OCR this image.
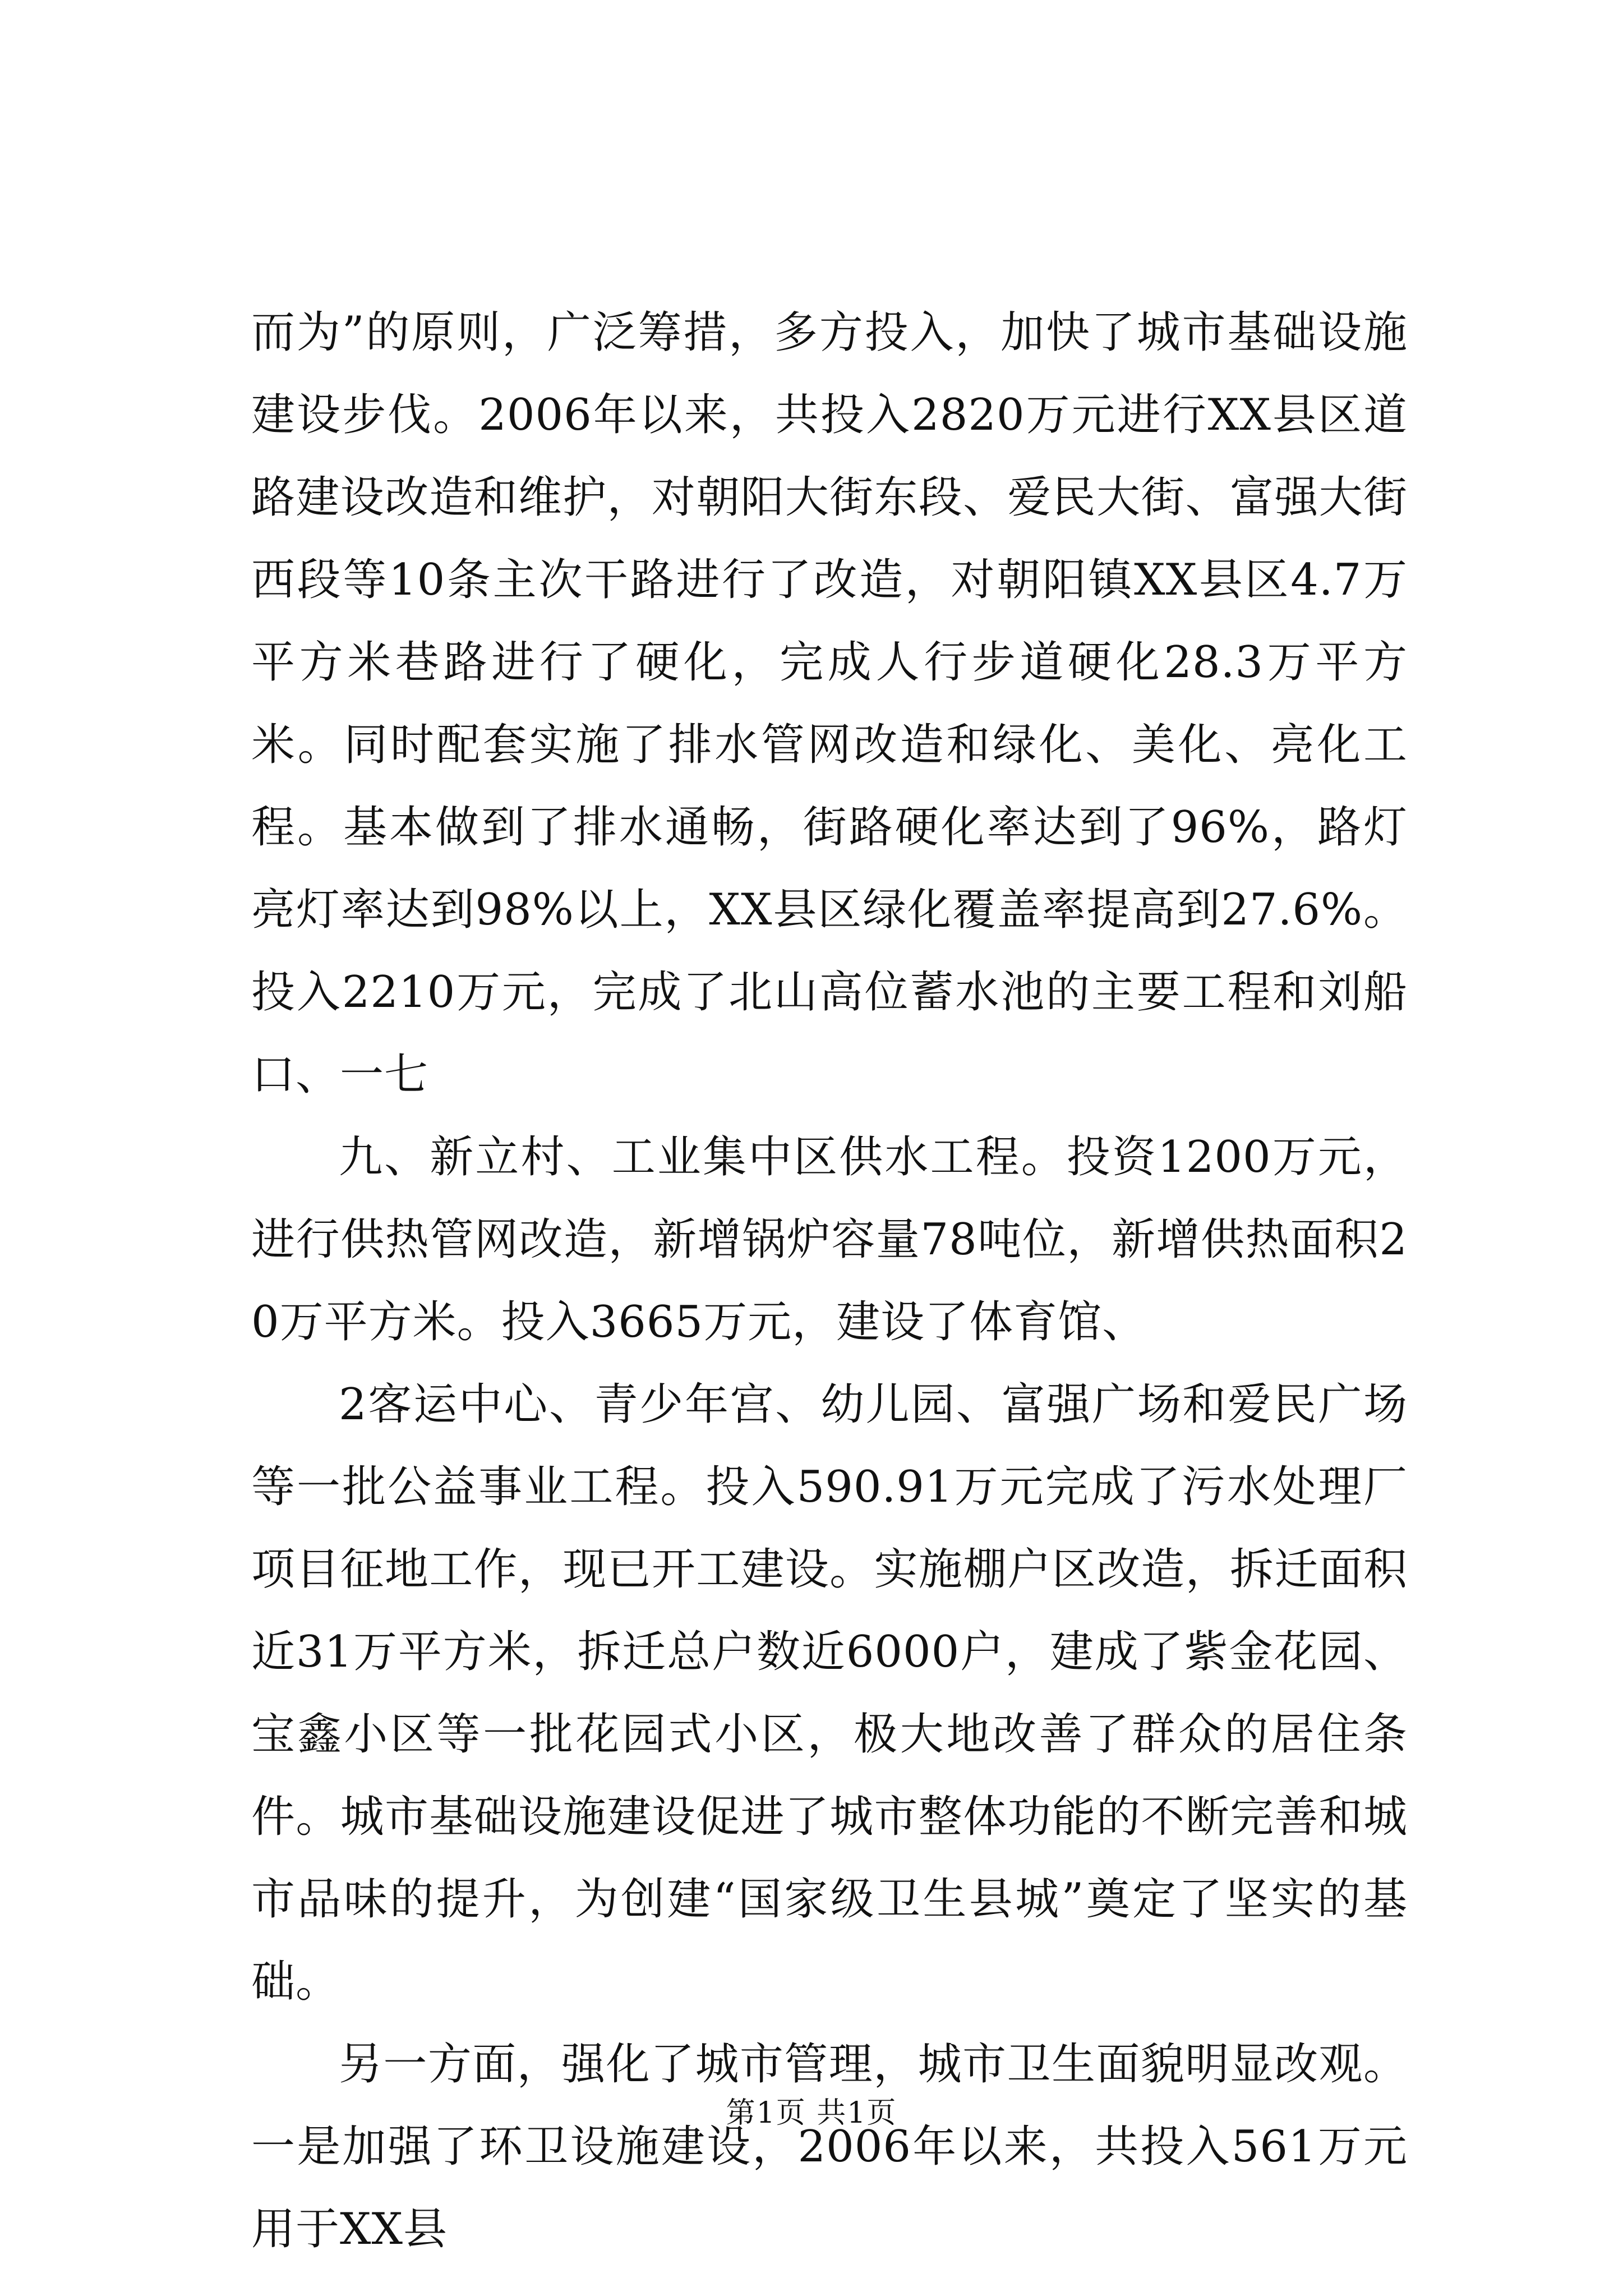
而为”的原则，广泛筹措，多方投入，加快了城市基础设施建设步伐。2006年以来，共投入2820万元进行XX县区道路建设改造和维护，对朝阳大街东段、爱民大街、富强大街西段等10条主次干路进行了改造，对朝阳镇XX县区4.7万平方米巷路进行了硬化，完成人行步道硬化28.3万平方米。同时配套实施了排水管网改造和绿化、美化、亮化工程。基本做到了排水通畅，街路硬化率达到了96%，路灯亮灯率达到98%以上，XX县区绿化覆盖率提高到27.6%。投入2210万元，完成了北山高位蓄水池的主要工程和刘船口、一七

九、新立村、工业集中区供水工程。投资1200万元，进行供热管网改造，新增锅炉容量78吨位，新增供热面积20万平方米。投入3665万元，建设了体育馆、

2客运中心、青少年宫、幼儿园、富强广场和爱民广场等一批公益事业工程。投入590.91万元完成了污水处理厂项目征地工作，现已开工建设。实施棚户区改造，拆迁面积近31万平方米，拆迁总户数近6000户，建成了紫金花园、宝鑫小区等一批花园式小区，极大地改善了群众的居住条件。城市基础设施建设促进了城市整体功能的不断完善和城市品味的提升，为创建“国家级卫生县城”奠定了坚实的基础。

另一方面，强化了城市管理，城市卫生面貌明显改观。一是加强了环卫设施建设，2006年以来，共投入561万元用于XX县

第1页 共1页
